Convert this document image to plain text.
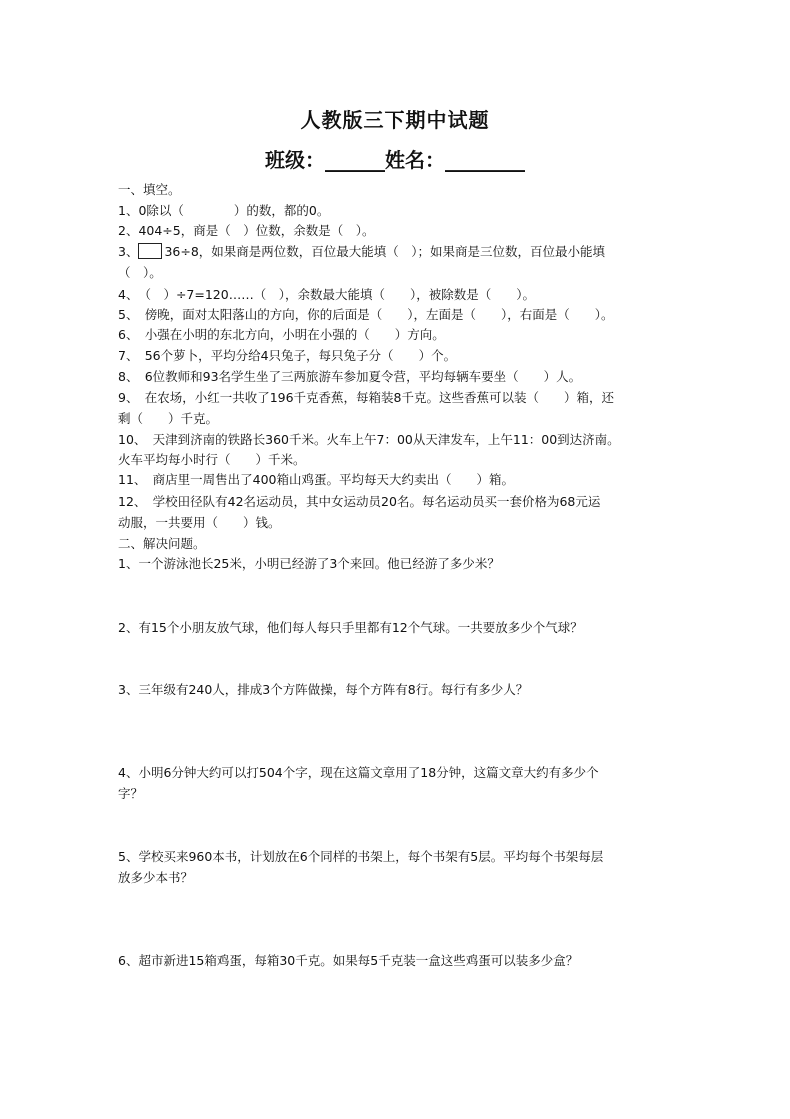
人教版三下期中试题
班级：______姓名：________
一、填空。
1、0除以（　　　　）的数，都的0。
2、404÷5，商是（　）位数，余数是（　）。
3、 36÷8，如果商是两位数，百位最大能填（　）；如果商是三位数，百位最小能填
（　）。
4、　（　）÷7=120……（　），余数最大能填（　　），被除数是（　　）。
5、　傍晚，面对太阳落山的方向，你的后面是（　　），左面是（　　），右面是（　　）。
6、　小强在小明的东北方向，小明在小强的（　　）方向。
7、　56个萝卜，平均分给4只兔子，每只兔子分（　　）个。
8、　6位教师和93名学生坐了三两旅游车参加夏令营，平均每辆车要坐（　　）人。
9、　在农场，小红一共收了196千克香蕉，每箱装8千克。这些香蕉可以装（　　）箱，还
剩（　　）千克。
10、　天津到济南的铁路长360千米。火车上午7：00从天津发车，上午11：00到达济南。
火车平均每小时行（　　）千米。
11、　商店里一周售出了400箱山鸡蛋。平均每天大约卖出（　　）箱。
12、　学校田径队有42名运动员，其中女运动员20名。每名运动员买一套价格为68元运
动服，一共要用（　　）钱。
二、解决问题。
1、一个游泳池长25米，小明已经游了3个来回。他已经游了多少米？
2、有15个小朋友放气球，他们每人每只手里都有12个气球。一共要放多少个气球？
3、三年级有240人，排成3个方阵做操，每个方阵有8行。每行有多少人？
4、小明6分钟大约可以打504个字，现在这篇文章用了18分钟，这篇文章大约有多少个
字？
5、学校买来960本书，计划放在6个同样的书架上，每个书架有5层。平均每个书架每层
放多少本书？
6、超市新进15箱鸡蛋，每箱30千克。如果每5千克装一盒这些鸡蛋可以装多少盒？
